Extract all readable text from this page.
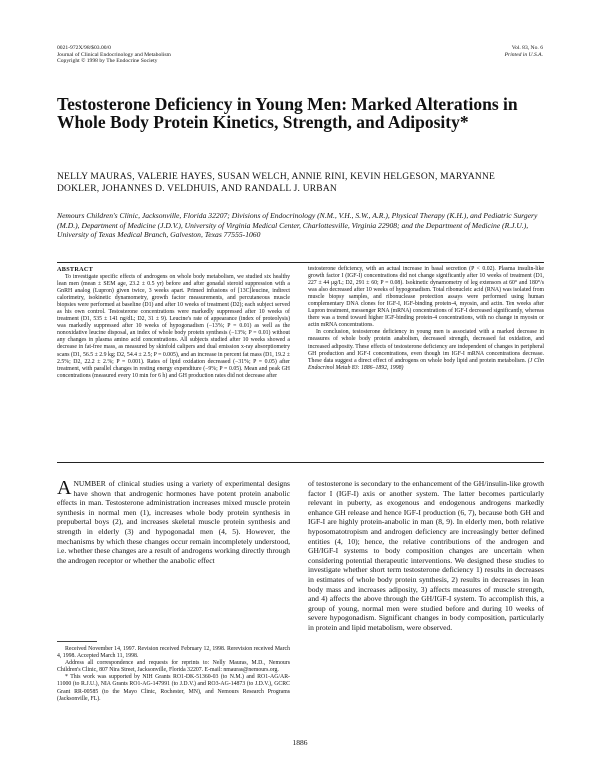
0021-972X/98/$03.00/0
Journal of Clinical Endocrinology and Metabolism
Copyright © 1998 by The Endocrine Society
Vol. 83, No. 6
Printed in U.S.A.
Testosterone Deficiency in Young Men: Marked Alterations in Whole Body Protein Kinetics, Strength, and Adiposity*
NELLY MAURAS, VALERIE HAYES, SUSAN WELCH, ANNIE RINI, KEVIN HELGESON, MARYANNE DOKLER, JOHANNES D. VELDHUIS, AND RANDALL J. URBAN
Nemours Children's Clinic, Jacksonville, Florida 32207; Divisions of Endocrinology (N.M., V.H., S.W., A.R.), Physical Therapy (K.H.), and Pediatric Surgery (M.D.), Department of Medicine (J.D.V.), University of Virginia Medical Center, Charlottesville, Virginia 22908; and the Department of Medicine (R.J.U.), University of Texas Medical Branch, Galveston, Texas 77555-1060
ABSTRACT

To investigate specific effects of androgens on whole body metabolism, we studied six healthy lean men (mean ± SEM age, 23.2 ± 0.5 yr) before and after gonadal steroid suppression with a GnRH analog (Lupron) given twice, 3 weeks apart. Primed infusions of [13C]leucine, indirect calorimetry, isokinetic dynamometry, growth factor measurements, and percutaneous muscle biopsies were performed at baseline (D1) and after 10 weeks of treatment (D2); each subject served as his own control. Testosterone concentrations were markedly suppressed after 10 weeks of treatment (D1, 535 ± 141 ng/dL; D2, 31 ± 9). Leucine's rate of appearance (index of proteolysis) was markedly suppressed after 10 weeks of hypogonadism (−13%; P = 0.01) as well as the nonoxidative leucine disposal, an index of whole body protein synthesis (−13%; P = 0.01) without any changes in plasma amino acid concentrations. All subjects studied after 10 weeks showed a decrease in fat-free mass, as measured by skinfold calipers and dual emission x-ray absorptiometry scans (D1, 56.5 ± 2.9 kg; D2, 54.4 ± 2.5; P = 0.005), and an increase in percent fat mass (D1, 19.2 ± 2.5%; D2, 22.2 ± 2.%; P = 0.001). Rates of lipid oxidation decreased (−31%; P = 0.05) after treatment, with parallel changes in resting energy expenditure (−9%; P = 0.05). Mean and peak GH concentrations (measured every 10 min for 6 h) and GH production rates did not decrease after

testosterone deficiency, with an actual increase in basal secretion (P < 0.02). Plasma insulin-like growth factor I (IGF-I) concentrations did not change significantly after 10 weeks of treatment (D1, 227 ± 44 μg/L; D2, 291 ± 60; P = 0.08). Isokinetic dynamometry of leg extensors at 60° and 180°/s was also decreased after 10 weeks of hypogonadism. Total ribonucleic acid (RNA) was isolated from muscle biopsy samples, and ribonuclease protection assays were performed using human complementary DNA clones for IGF-I, IGF-binding protein-4, myosin, and actin. Ten weeks after Lupron treatment, messenger RNA (mRNA) concentrations of IGF-I decreased significantly, whereas there was a trend toward higher IGF-binding protein-4 concentrations, with no change in myosin or actin mRNA concentrations.

In conclusion, testosterone deficiency in young men is associated with a marked decrease in measures of whole body protein anabolism, decreased strength, decreased fat oxidation, and increased adiposity. These effects of testosterone deficiency are independent of changes in peripheral GH production and IGF-I concentrations, even though im IGF-I mRNA concentrations decrease. These data suggest a direct effect of androgens on whole body lipid and protein metabolism. (J Clin Endocrinol Metab 83: 1886–1892, 1998)

ANUMBER of clinical studies using a variety of experimental designs have shown that androgenic hormones have potent protein anabolic effects in man. Testosterone administration increases mixed muscle protein synthesis in normal men (1), increases whole body protein synthesis in prepubertal boys (2), and increases skeletal muscle protein synthesis and strength in elderly (3) and hypogonadal men (4, 5). However, the mechanisms by which these changes occur remain incompletely understood, i.e. whether these changes are a result of androgens working directly through the androgen receptor or whether the anabolic effect

Received November 14, 1997. Revision received February 12, 1998. Rerevision received March 4, 1998. Accepted March 11, 1998.

Address all correspondence and requests for reprints to: Nelly Mauras, M.D., Nemours Children's Clinic, 807 Nira Street, Jacksonville, Florida 32207. E-mail: nmauras@nemours.org.

* This work was supported by NIH Grants RO1-DK-51360-03 (to N.M.) and RO1-AG/AR-11000 (to R.J.U.), NIA Grants RO1-AG-147991 (to J.D.V.) and RO3-AG-14873 (to J.D.V.), GCRC Grant RR-00585 (to the Mayo Clinic, Rochester, MN), and Nemours Research Programs (Jacksonville, FL).

of testosterone is secondary to the enhancement of the GH/insulin-like growth factor I (IGF-I) axis or another system. The latter becomes particularly relevant in puberty, as exogenous and endogenous androgens markedly enhance GH release and hence IGF-I production (6, 7), because both GH and IGF-I are highly protein-anabolic in man (8, 9). In elderly men, both relative hyposomatotropism and androgen deficiency are increasingly better defined entities (4, 10); hence, the relative contributions of the androgen and GH/IGF-I systems to body composition changes are uncertain when considering potential therapeutic interventions. We designed these studies to investigate whether short term testosterone deficiency 1) results in decreases in estimates of whole body protein synthesis, 2) results in decreases in lean body mass and increases adiposity, 3) affects measures of muscle strength, and 4) affects the above through the GH/IGF-I system. To accomplish this, a group of young, normal men were studied before and during 10 weeks of severe hypogonadism. Significant changes in body composition, particularly in protein and lipid metabolism, were observed.

1886
